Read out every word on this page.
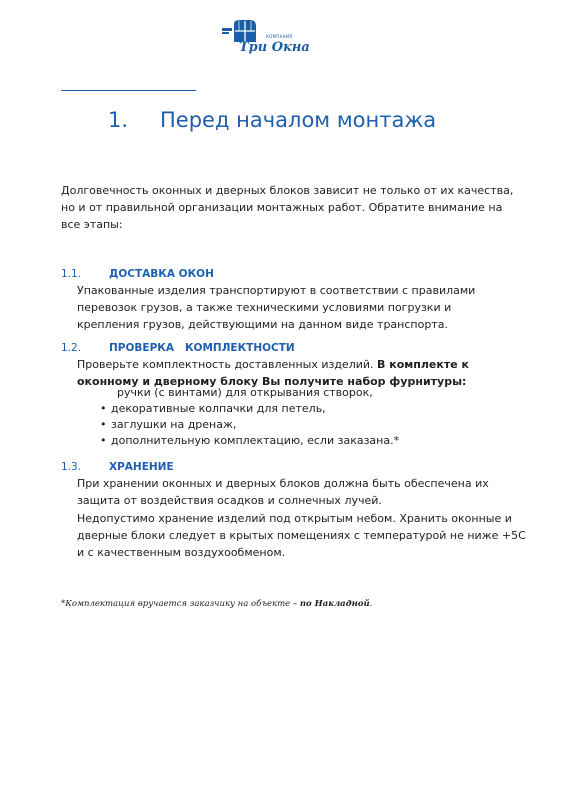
КОМПАНИЯ
Три Окна
1. Перед началом монтажа
Долговечность оконных и дверных блоков зависит не только от их качества, но и от правильной организации монтажных работ. Обратите внимание на все этапы:
1.1.	ДОСТАВКА ОКОН
Упакованные изделия транспортируют в соответствии с правилами перевозок грузов, а также техническими условиями погрузки и крепления грузов, действующими на данном виде транспорта.
1.2.	ПРОВЕРКА   КОМПЛЕКТНОСТИ
Проверьте комплектность доставленных изделий. В комплекте к оконному и дверному блоку Вы получите набор фурнитуры:
ручки (с винтами) для открывания створок,
• декоративные колпачки для петель,
• заглушки на дренаж,
• дополнительную комплектацию, если заказана.*
1.3.	ХРАНЕНИЕ
При хранении оконных и дверных блоков должна быть обеспечена их защита от воздействия осадков и солнечных лучей.
Недопустимо хранение изделий под открытым небом. Хранить оконные и
дверные блоки следует в крытых помещениях с температурой не ниже +5С
и с качественным воздухообменом.
*Комплектация вручается заказчику на объекте – по Накладной.
